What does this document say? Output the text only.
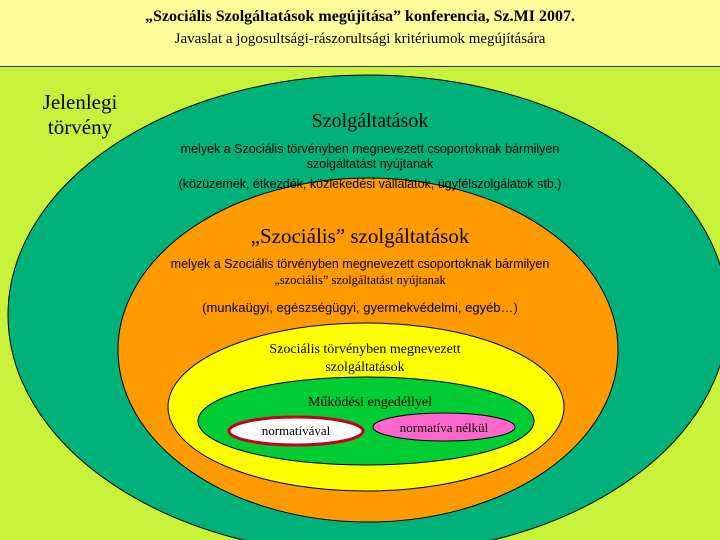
„Szociális Szolgáltatások megújítása” konferencia, Sz.MI 2007.
Javaslat a jogosultsági-rászorultsági kritériumok megújítására
Jelenlegi törvény	Szolgáltatások
melyek a Szociális törvényben megnevezett csoportoknak bármilyen
szolgáltatást nyújtanak
(közüzemek, étkezdék, közlekedési vállalatok, ügyfélszolgálatok stb.)
„Szociális” szolgáltatások
melyek a Szociális törvényben megnevezett csoportoknak bármilyen
„szociális” szolgáltatást nyújtanak
(munkaügyi, egészségügyi, gyermekvédelmi, egyéb…)
Szociális törvényben megnevezett
szolgáltatások
Működési engedéllyel
normatívával	normatíva nélkül
